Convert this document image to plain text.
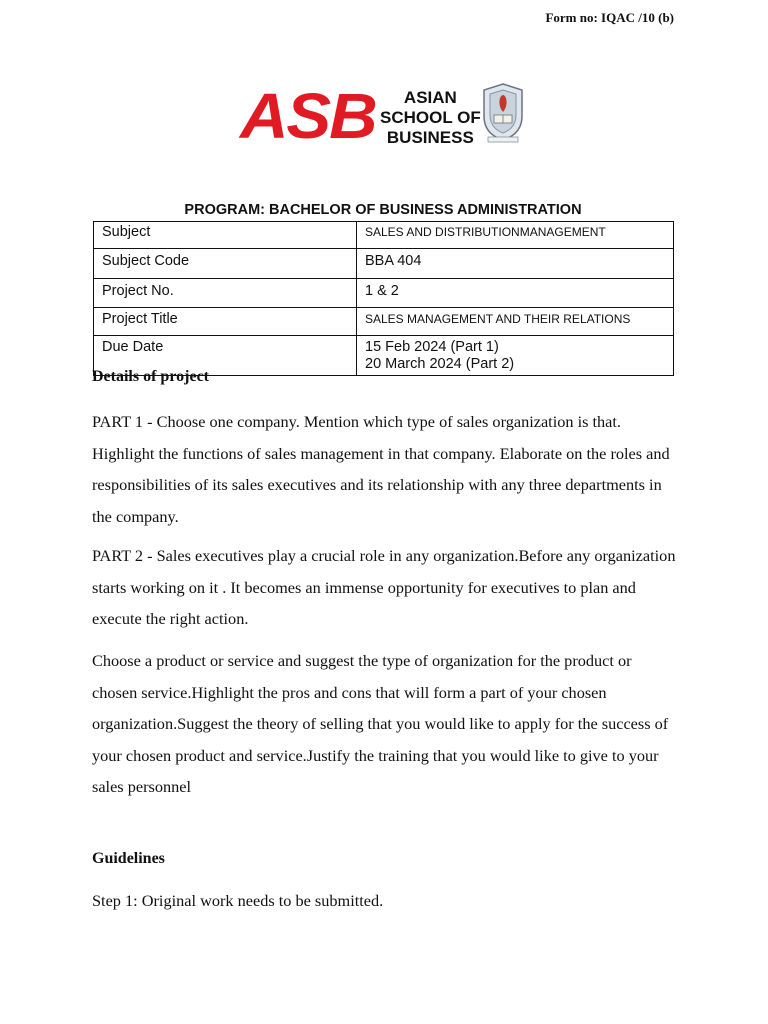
Form no: IQAC /10 (b)
ASB	ASIAN
SCHOOL OF
BUSINESS
PROGRAM: BACHELOR OF BUSINESS ADMINISTRATION
Subject	SALES AND DISTRIBUTIONMANAGEMENT
Subject Code	BBA 404
Project No.	1 & 2
Project Title	SALES MANAGEMENT AND THEIR RELATIONS
Due Date	15 Feb 2024 (Part 1)
20 March 2024 (Part 2)
Details of project

PART 1 - Choose one company. Mention which type of sales organization is that. Highlight the functions of sales management in that company. Elaborate on the roles and responsibilities of its sales executives and its relationship with any three departments in the company.

PART 2 - Sales executives play a crucial role in any organization.Before any organization starts working on it . It becomes an immense opportunity for executives to plan and execute the right action.

Choose a product or service and suggest the type of organization for the product or chosen service.Highlight the pros and cons that will form a part of your chosen organization.Suggest the theory of selling that you would like to apply for the success of your chosen product and service.Justify the training that you would like to give to your sales personnel

Guidelines

Step 1: Original work needs to be submitted.
